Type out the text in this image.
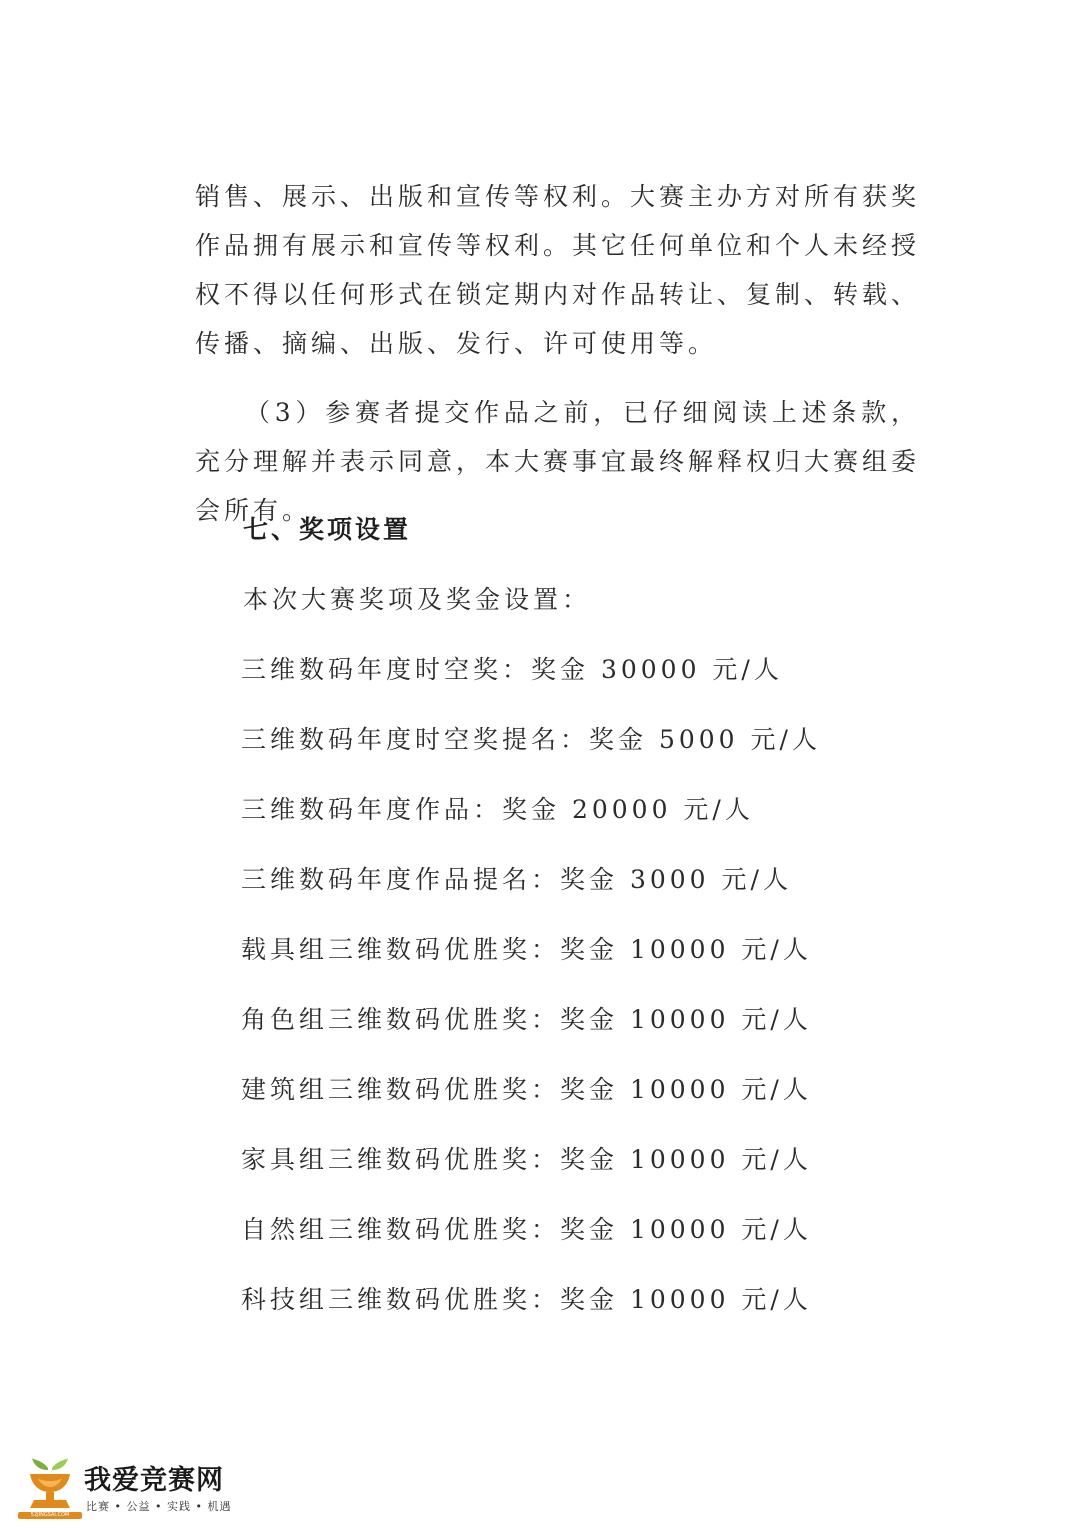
销售、展示、出版和宣传等权利。大赛主办方对所有获奖作品拥有展示和宣传等权利。其它任何单位和个人未经授权不得以任何形式在锁定期内对作品转让、复制、转载、传播、摘编、出版、发行、许可使用等。

（3）参赛者提交作品之前，已仔细阅读上述条款，充分理解并表示同意，本大赛事宜最终解释权归大赛组委会所有。

七、奖项设置
本次大赛奖项及奖金设置：
三维数码年度时空奖：奖金 30000 元/人
三维数码年度时空奖提名：奖金 5000 元/人
三维数码年度作品：奖金 20000 元/人
三维数码年度作品提名：奖金 3000 元/人
载具组三维数码优胜奖：奖金 10000 元/人
角色组三维数码优胜奖：奖金 10000 元/人
建筑组三维数码优胜奖：奖金 10000 元/人
家具组三维数码优胜奖：奖金 10000 元/人
自然组三维数码优胜奖：奖金 10000 元/人
科技组三维数码优胜奖：奖金 10000 元/人
52JINGSAI.COM
我爱竞赛网
比赛 • 公益 • 实践 • 机遇
